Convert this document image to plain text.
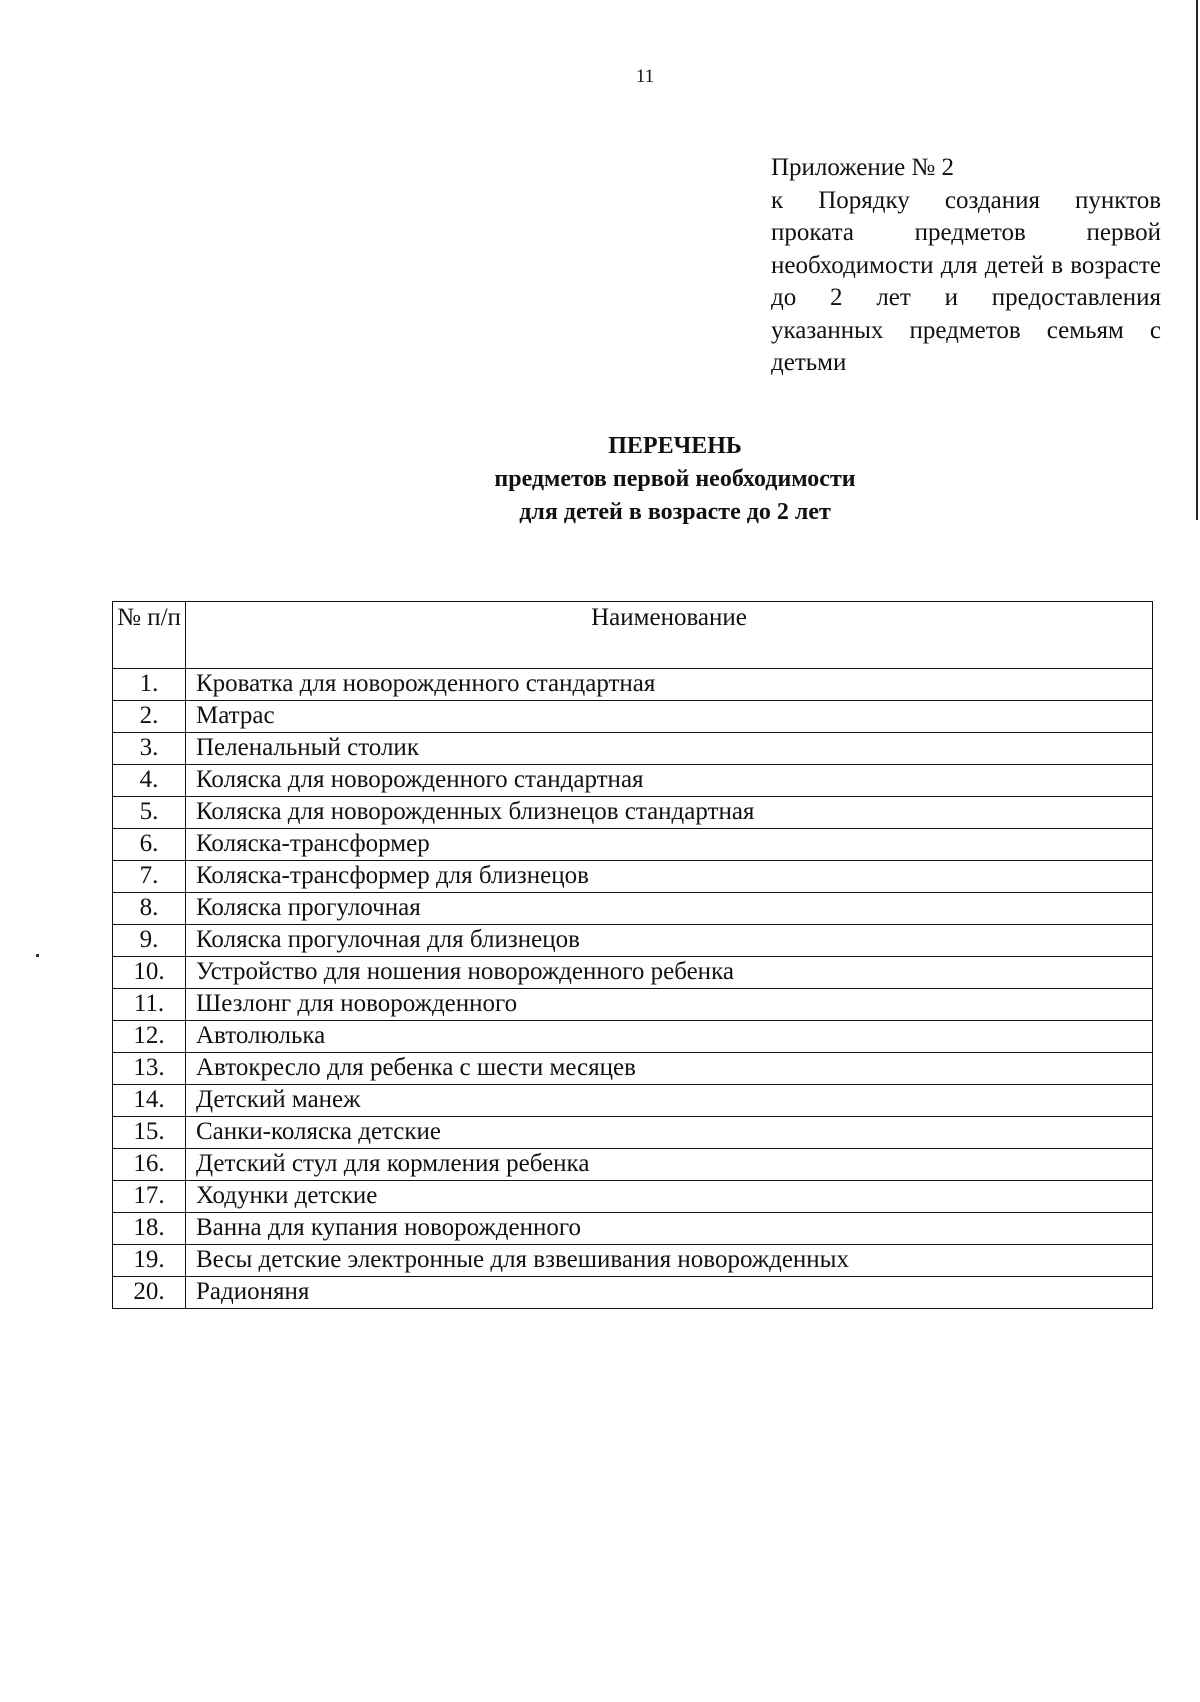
11
Приложение № 2
к Порядку создания пунктов проката предметов первой необходимости для детей в возрасте до 2 лет и предоставления указанных предметов семьям с детьми
ПЕРЕЧЕНЬ
предметов первой необходимости
для детей в возрасте до 2 лет
№ п/п	Наименование
1.	Кроватка для новорожденного стандартная
2.	Матрас
3.	Пеленальный столик
4.	Коляска для новорожденного стандартная
5.	Коляска для новорожденных близнецов стандартная
6.	Коляска-трансформер
7.	Коляска-трансформер для близнецов
8.	Коляска прогулочная
9.	Коляска прогулочная для близнецов
10.	Устройство для ношения новорожденного ребенка
11.	Шезлонг для новорожденного
12.	Автолюлька
13.	Автокресло для ребенка с шести месяцев
14.	Детский манеж
15.	Санки-коляска детские
16.	Детский стул для кормления ребенка
17.	Ходунки детские
18.	Ванна для купания новорожденного
19.	Весы детские электронные для взвешивания новорожденных
20.	Радионяня
